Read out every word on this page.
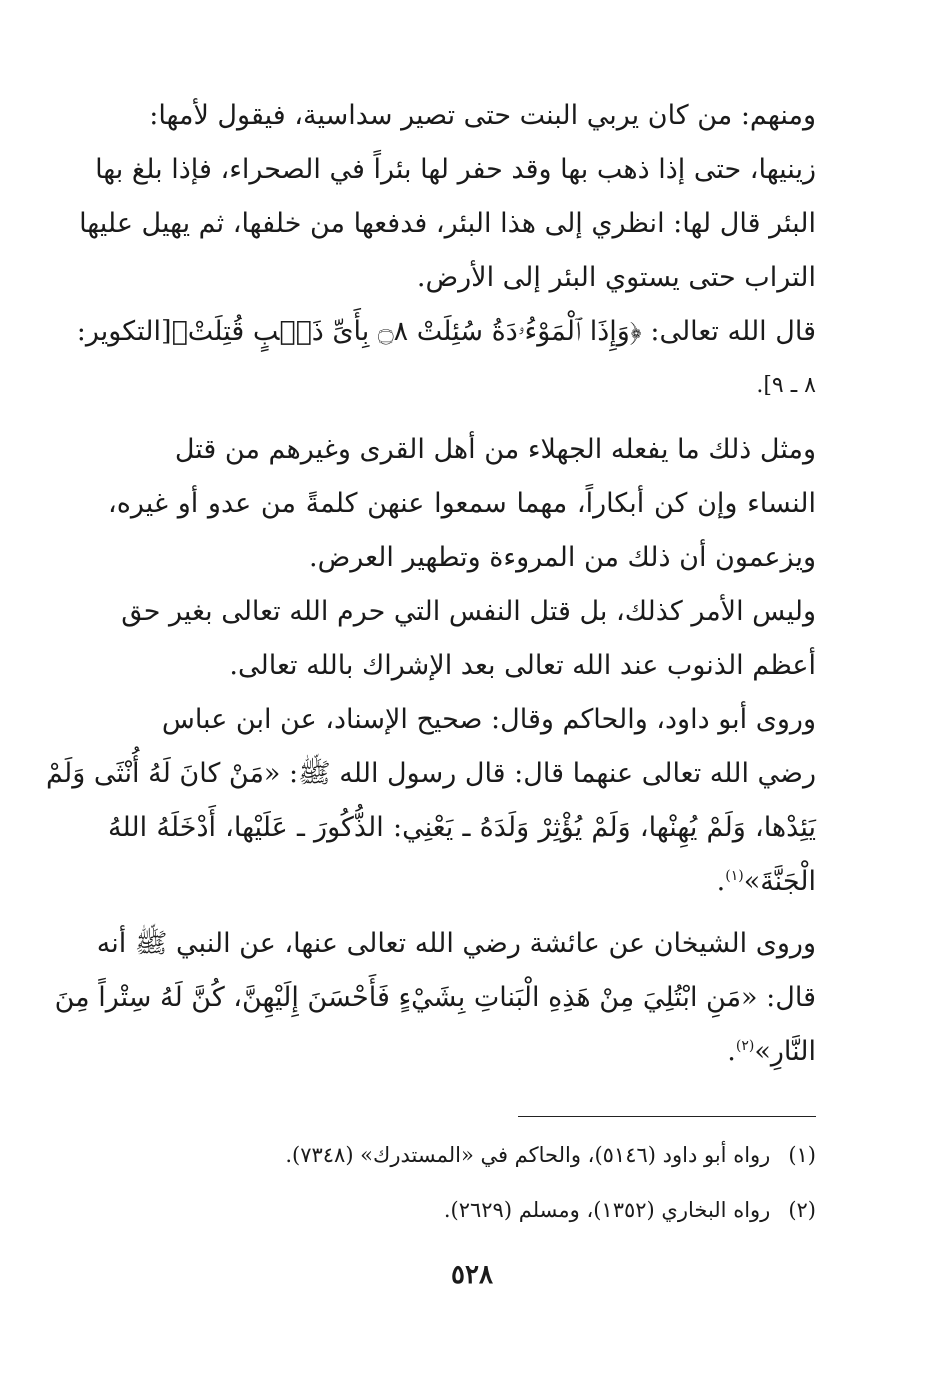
ومنهم: من كان يربي البنت حتى تصير سداسية، فيقول لأمها:
زينيها، حتى إذا ذهب بها وقد حفر لها بئراً في الصحراء، فإذا بلغ بها
البئر قال لها: انظري إلى هذا البئر، فدفعها من خلفها، ثم يهيل عليها
التراب حتى يستوي البئر إلى الأرض.
قال الله تعالى: ﴿وَإِذَا ٱلْمَوْءُۥدَةُ سُئِلَتْ ۝٨ بِأَىِّ ذَنۢبٍ قُتِلَتْ﴾[التكوير:
٨ ـ ٩].
ومثل ذلك ما يفعله الجهلاء من أهل القرى وغيرهم من قتل
النساء وإن كن أبكاراً، مهما سمعوا عنهن كلمةً من عدو أو غيره،
ويزعمون أن ذلك من المروءة وتطهير العرض.
وليس الأمر كذلك، بل قتل النفس التي حرم الله تعالى بغير حق
أعظم الذنوب عند الله تعالى بعد الإشراك بالله تعالى.
وروى أبو داود، والحاكم وقال: صحيح الإسناد، عن ابن عباس
رضي الله تعالى عنهما قال: قال رسول الله ﷺ: «مَنْ كانَ لَهُ أُنْثَى وَلَمْ
يَئِدْها، وَلَمْ يُهِنْها، وَلَمْ يُؤْثِرْ وَلَدَهُ ـ يَعْنِي: الذُّكُورَ ـ عَلَيْها، أَدْخَلَهُ اللهُ
الْجَنَّةَ»$^{(١)}$.
وروى الشيخان عن عائشة رضي الله تعالى عنها، عن النبي ﷺ أنه
قال: «مَنِ ابْتُلِيَ مِنْ هَذِهِ الْبَناتِ بِشَيْءٍ فَأَحْسَنَ إِلَيْهِنَّ، كُنَّ لَهُ سِتْراً مِنَ
النَّارِ»$^{(٢)}$.
(١)رواه أبو داود (٥١٤٦)، والحاكم في «المستدرك» (٧٣٤٨).
(٢)رواه البخاري (١٣٥٢)، ومسلم (٢٦٢٩).
٥٢٨
